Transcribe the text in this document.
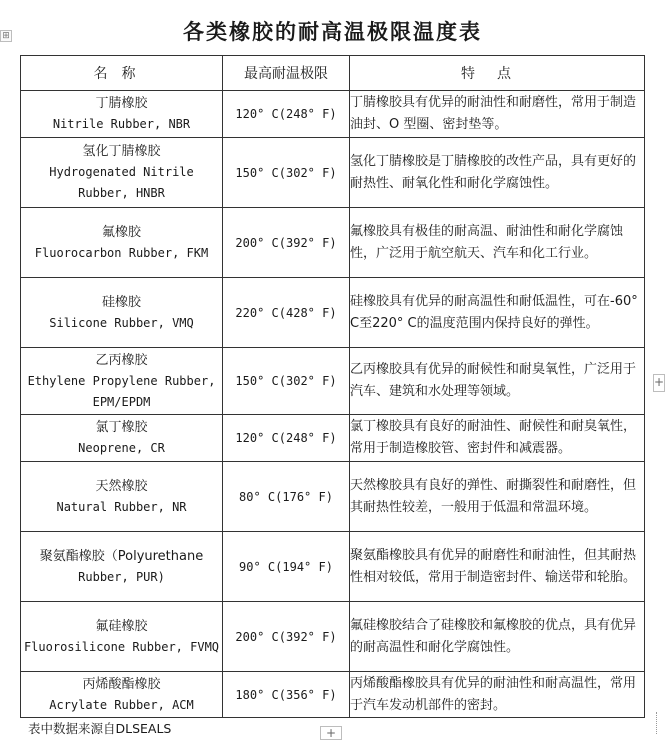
各类橡胶的耐高温极限温度表
⊞
名称	最高耐温极限	特点

丁腈橡胶
Nitrile Rubber, NBR	120° C(248° F)	丁腈橡胶具有优异的耐油性和耐磨性，常用于制造油封、O 型圈、密封垫等。

氢化丁腈橡胶
Hydrogenated Nitrile Rubber, HNBR	150° C(302° F)	氢化丁腈橡胶是丁腈橡胶的改性产品，具有更好的耐热性、耐氧化性和耐化学腐蚀性。

氟橡胶
Fluorocarbon Rubber, FKM	200° C(392° F)	氟橡胶具有极佳的耐高温、耐油性和耐化学腐蚀性，广泛用于航空航天、汽车和化工行业。

硅橡胶
Silicone Rubber, VMQ	220° C(428° F)	硅橡胶具有优异的耐高温性和耐低温性，可在-60° C至220° C的温度范围内保持良好的弹性。

乙丙橡胶
Ethylene Propylene Rubber, EPM/EPDM	150° C(302° F)	乙丙橡胶具有优异的耐候性和耐臭氧性，广泛用于汽车、建筑和水处理等领域。

氯丁橡胶
Neoprene, CR	120° C(248° F)	氯丁橡胶具有良好的耐油性、耐候性和耐臭氧性，常用于制造橡胶管、密封件和减震器。

天然橡胶
Natural Rubber, NR	80° C(176° F)	天然橡胶具有良好的弹性、耐撕裂性和耐磨性，但其耐热性较差，一般用于低温和常温环境。

聚氨酯橡胶（Polyurethane
Rubber, PUR)	90° C(194° F)	聚氨酯橡胶具有优异的耐磨性和耐油性，但其耐热性相对较低，常用于制造密封件、输送带和轮胎。

氟硅橡胶
Fluorosilicone Rubber, FVMQ	200° C(392° F)	氟硅橡胶结合了硅橡胶和氟橡胶的优点，具有优异的耐高温性和耐化学腐蚀性。

丙烯酸酯橡胶
Acrylate Rubber, ACM	180° C(356° F)	丙烯酸酯橡胶具有优异的耐油性和耐高温性，常用于汽车发动机部件的密封。
+
表中数据来源自DLSEALS	+
